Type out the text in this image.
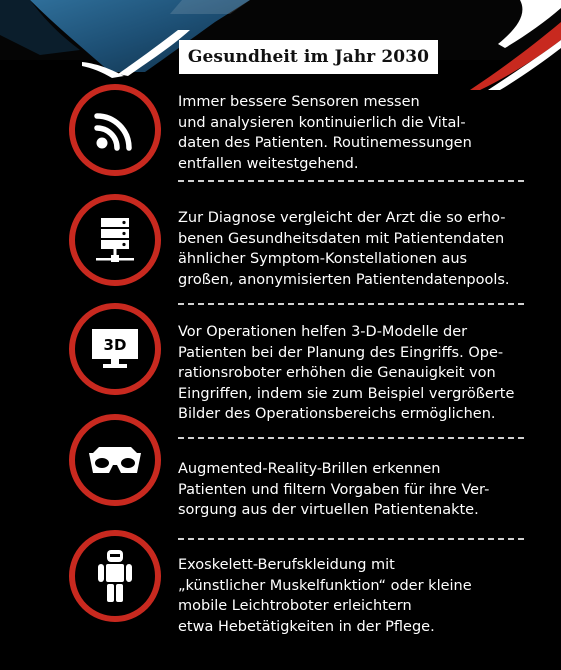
Gesundheit im Jahr 2030
Immer bessere Sensoren messen
und analysieren kontinuierlich die Vital-
daten des Patienten. Routinemessungen
entfallen weitestgehend.
Zur Diagnose vergleicht der Arzt die so erho-
benen Gesundheitsdaten mit Patientendaten
ähnlicher Symptom-Konstellationen aus
großen, anonymisierten Patientendatenpools.
3D
Vor Operationen helfen 3-D-Modelle der
Patienten bei der Planung des Eingriffs. Ope-
rationsroboter erhöhen die Genauigkeit von
Eingriffen, indem sie zum Beispiel vergrößerte
Bilder des Operationsbereichs ermöglichen.
Augmented-Reality-Brillen erkennen
Patienten und filtern Vorgaben für ihre Ver-
sorgung aus der virtuellen Patientenakte.
Exoskelett-Berufskleidung mit
„künstlicher Muskelfunktion“ oder kleine
mobile Leichtroboter erleichtern
etwa Hebetätigkeiten in der Pflege.
